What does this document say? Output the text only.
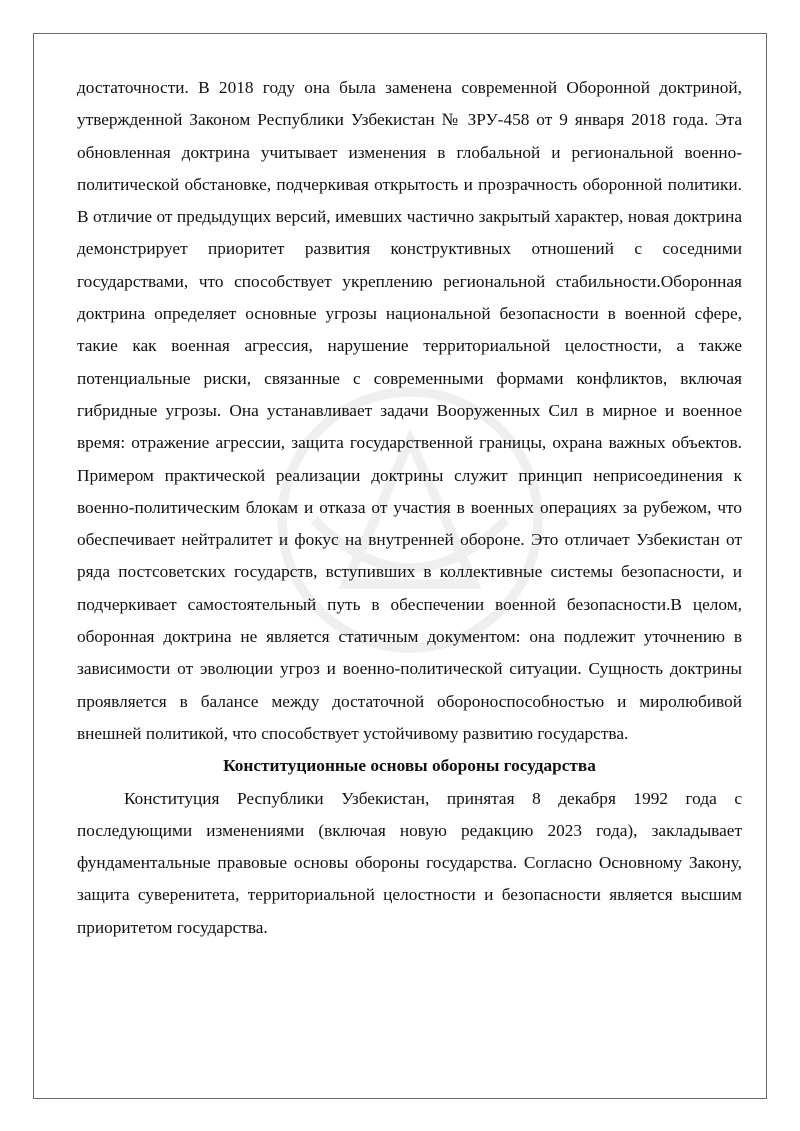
достаточности. В 2018 году она была заменена современной Оборонной доктриной, утвержденной Законом Республики Узбекистан № ЗРУ-458 от 9 января 2018 года. Эта обновленная доктрина учитывает изменения в глобальной и региональной военно-политической обстановке, подчеркивая открытость и прозрачность оборонной политики. В отличие от предыдущих версий, имевших частично закрытый характер, новая доктрина демонстрирует приоритет развития конструктивных отношений с соседними государствами, что способствует укреплению региональной стабильности.Оборонная доктрина определяет основные угрозы национальной безопасности в военной сфере, такие как военная агрессия, нарушение территориальной целостности, а также потенциальные риски, связанные с современными формами конфликтов, включая гибридные угрозы. Она устанавливает задачи Вооруженных Сил в мирное и военное время: отражение агрессии, защита государственной границы, охрана важных объектов. Примером практической реализации доктрины служит принцип неприсоединения к военно-политическим блокам и отказа от участия в военных операциях за рубежом, что обеспечивает нейтралитет и фокус на внутренней обороне. Это отличает Узбекистан от ряда постсоветских государств, вступивших в коллективные системы безопасности, и подчеркивает самостоятельный путь в обеспечении военной безопасности.В целом, оборонная доктрина не является статичным документом: она подлежит уточнению в зависимости от эволюции угроз и военно-политической ситуации. Сущность доктрины проявляется в балансе между достаточной обороноспособностью и миролюбивой внешней политикой, что способствует устойчивому развитию государства.

Конституционные основы обороны государства

Конституция Республики Узбекистан, принятая 8 декабря 1992 года с последующими изменениями (включая новую редакцию 2023 года), закладывает фундаментальные правовые основы обороны государства. Согласно Основному Закону, защита суверенитета, территориальной целостности и безопасности является высшим приоритетом государства.
